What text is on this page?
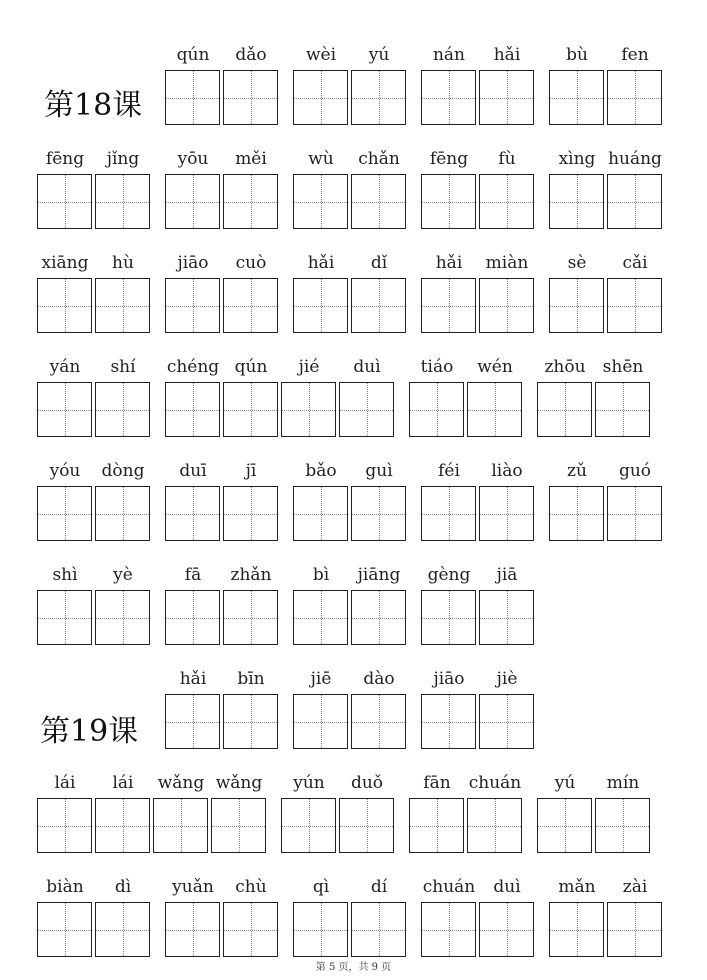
qún	dǎo	wèi	yú	nán	hǎi	bù	fen
fēng	jǐng	yōu	měi	wù	chǎn	fēng	fù	xìng huáng
xiāng	hù	jiāo	cuò	hǎi	dǐ	hǎi	miàn	sè	cǎi
yán	shí	chéng qún	jié	duì	tiáo	wén	zhōu	shēn
yóu	dòng	duī	jī	bǎo	guì	féi	liào	zǔ	guó
shì	yè	fā	zhǎn	bì	jiāng	gèng	jiā
hǎi	bīn	jiē	dào	jiāo	jiè
lái	lái	wǎng wǎng	yún	duǒ	fān	chuán	yú	mín
biàn	dì	yuǎn	chù	qì	dí	chuán	duì	mǎn	zài
第18课
第19课
第 5 页，共 9 页
